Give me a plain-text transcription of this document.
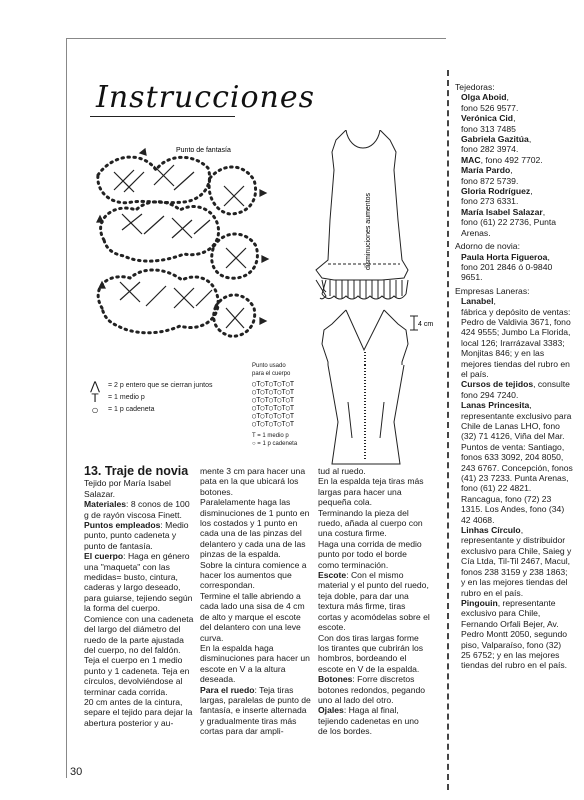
Instrucciones
Punto de fantasía
disminuciones aumentos
4 cm
⋀ = 2 p entero que se cierran juntos
T	= 1 medio p
○	= 1 p cadeneta
Punto usado
para el cuerpo
○T○T○T○T○T
○T○T○T○T○T
○T○T○T○T○T
○T○T○T○T○T
○T○T○T○T○T
○T○T○T○T○T
T = 1 medio p
○ = 1 p cadeneta

13. Traje de novia

Tejido por María Isabel Salazar.

Materiales: 8 conos de 100 g de rayón viscosa Finett.

Puntos empleados: Medio punto, punto cadeneta y punto de fantasía.

El cuerpo: Haga en género una "maqueta" con las medidas= busto, cintura, caderas y largo deseado, para guiarse, tejiendo según la forma del cuerpo. Comience con una cadeneta del largo del diámetro del ruedo de la parte ajustada del cuerpo, no del faldón. Teja el cuerpo en 1 medio punto y 1 cadeneta. Teja en círculos, devolviéndose al terminar cada corrida.

20 cm antes de la cintura, separe el tejido para dejar la abertura posterior y au-

mente 3 cm para hacer una pata en la que ubicará los botones.

Paralelamente haga las disminuciones de 1 punto en los costados y 1 punto en cada una de las pinzas del delantero y cada una de las pinzas de la espalda.

Sobre la cintura comience a hacer los aumentos que correspondan.

Termine el talle abriendo a cada lado una sisa de 4 cm de alto y marque el escote del delantero con una leve curva.

En la espalda haga disminuciones para hacer un escote en V a la altura deseada.

Para el ruedo: Teja tiras largas, paralelas de punto de fantasía, e inserte alternada y gradualmente tiras más cortas para dar ampli-

tud al ruedo.

En la espalda teja tiras más largas para hacer una pequeña cola.

Terminando la pieza del ruedo, añada al cuerpo con una costura firme.

Haga una corrida de medio punto por todo el borde como terminación.

Escote: Con el mismo material y el punto del ruedo, teja doble, para dar una textura más firme, tiras cortas y acomódelas sobre el escote.

Con dos tiras largas forme los tirantes que cubrirán los hombros, bordeando el escote en V de la espalda.

Botones: Forre discretos botones redondos, pegando uno al lado del otro.

Ojales: Haga al final, tejiendo cadenetas en uno de los bordes.

Tejedoras:

Olga Aboid,

fono 526 9577.

Verónica Cid,

fono 313 7485

Gabriela Gazitúa,

fono 282 3974.

MAC, fono 492 7702.

María Pardo,

fono 872 5739.

Gloria Rodríguez,

fono 273 6331.

María Isabel Salazar,

fono (61) 22 2736, Punta Arenas.

Adorno de novia:

Paula Horta Figueroa,

fono 201 2846 ó 0-9840 9651.

Empresas Laneras:

Lanabel,

fábrica y depósito de ventas: Pedro de Valdivia 3671, fono 424 9555; Jumbo La Florida, local 126; Irarrázaval 3383; Monjitas 846; y en las mejores tiendas del rubro en el país.

Cursos de tejidos, consulte fono 294 7240.

Lanas Princesita,

representante exclusivo para Chile de Lanas LHO, fono (32) 71 4126, Viña del Mar. Puntos de venta: Santiago, fonos 633 3092, 204 8050, 243 6767. Concepción, fonos (41) 23 7233. Punta Arenas, fono (61) 22 4821. Rancagua, fono (72) 23 1315. Los Andes, fono (34) 42 4068.

Linhas Círculo,

representante y distribuidor exclusivo para Chile, Saieg y Cía Ltda, Til-Til 2467, Macul, fonos 238 3159 y 238 1863; y en las mejores tiendas del rubro en el país.

Pingouin, representante exclusivo para Chile, Fernando Orfali Bejer, Av. Pedro Montt 2050, segundo piso, Valparaíso, fono (32) 25 6752; y en las mejores tiendas del rubro en el país.

30
